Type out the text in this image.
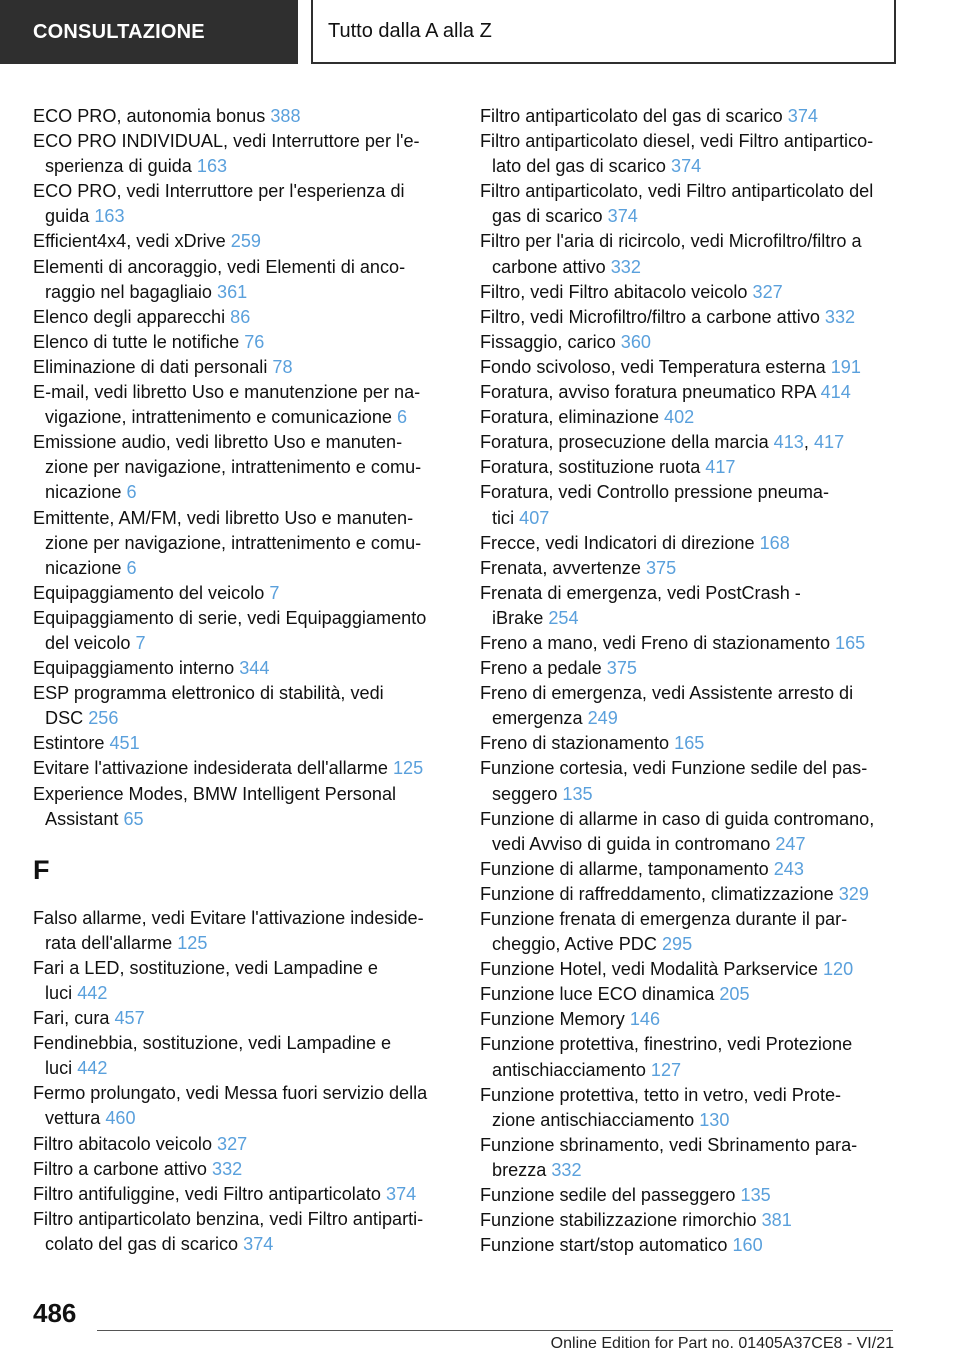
CONSULTAZIONE	Tutto dalla A alla Z
ECO PRO, autonomia bonus 388
ECO PRO INDIVIDUAL, vedi Interruttore per l'e-
sperienza di guida 163
ECO PRO, vedi Interruttore per l'esperienza di
guida 163
Efficient4x4, vedi xDrive 259
Elementi di ancoraggio, vedi Elementi di anco-
raggio nel bagagliaio 361
Elenco degli apparecchi 86
Elenco di tutte le notifiche 76
Eliminazione di dati personali 78
E-mail, vedi libretto Uso e manutenzione per na-
vigazione, intrattenimento e comunicazione 6
Emissione audio, vedi libretto Uso e manuten-
zione per navigazione, intrattenimento e comu-
nicazione 6
Emittente, AM/FM, vedi libretto Uso e manuten-
zione per navigazione, intrattenimento e comu-
nicazione 6
Equipaggiamento del veicolo 7
Equipaggiamento di serie, vedi Equipaggiamento
del veicolo 7
Equipaggiamento interno 344
ESP programma elettronico di stabilità, vedi
DSC 256
Estintore 451
Evitare l'attivazione indesiderata dell'allarme 125
Experience Modes, BMW Intelligent Personal
Assistant 65
F
Falso allarme, vedi Evitare l'attivazione indeside-
rata dell'allarme 125
Fari a LED, sostituzione, vedi Lampadine e
luci 442
Fari, cura 457
Fendinebbia, sostituzione, vedi Lampadine e
luci 442
Fermo prolungato, vedi Messa fuori servizio della
vettura 460
Filtro abitacolo veicolo 327
Filtro a carbone attivo 332
Filtro antifuliggine, vedi Filtro antiparticolato 374
Filtro antiparticolato benzina, vedi Filtro antiparti-
colato del gas di scarico 374
Filtro antiparticolato del gas di scarico 374
Filtro antiparticolato diesel, vedi Filtro antipartico-
lato del gas di scarico 374
Filtro antiparticolato, vedi Filtro antiparticolato del
gas di scarico 374
Filtro per l'aria di ricircolo, vedi Microfiltro/filtro a
carbone attivo 332
Filtro, vedi Filtro abitacolo veicolo 327
Filtro, vedi Microfiltro/filtro a carbone attivo 332
Fissaggio, carico 360
Fondo scivoloso, vedi Temperatura esterna 191
Foratura, avviso foratura pneumatico RPA 414
Foratura, eliminazione 402
Foratura, prosecuzione della marcia 413, 417
Foratura, sostituzione ruota 417
Foratura, vedi Controllo pressione pneuma-
tici 407
Frecce, vedi Indicatori di direzione 168
Frenata, avvertenze 375
Frenata di emergenza, vedi PostCrash -
iBrake 254
Freno a mano, vedi Freno di stazionamento 165
Freno a pedale 375
Freno di emergenza, vedi Assistente arresto di
emergenza 249
Freno di stazionamento 165
Funzione cortesia, vedi Funzione sedile del pas-
seggero 135
Funzione di allarme in caso di guida contromano,
vedi Avviso di guida in contromano 247
Funzione di allarme, tamponamento 243
Funzione di raffreddamento, climatizzazione 329
Funzione frenata di emergenza durante il par-
cheggio, Active PDC 295
Funzione Hotel, vedi Modalità Parkservice 120
Funzione luce ECO dinamica 205
Funzione Memory 146
Funzione protettiva, finestrino, vedi Protezione
antischiacciamento 127
Funzione protettiva, tetto in vetro, vedi Prote-
zione antischiacciamento 130
Funzione sbrinamento, vedi Sbrinamento para-
brezza 332
Funzione sedile del passeggero 135
Funzione stabilizzazione rimorchio 381
Funzione start/stop automatico 160
486
Online Edition for Part no. 01405A37CE8 - VI/21
